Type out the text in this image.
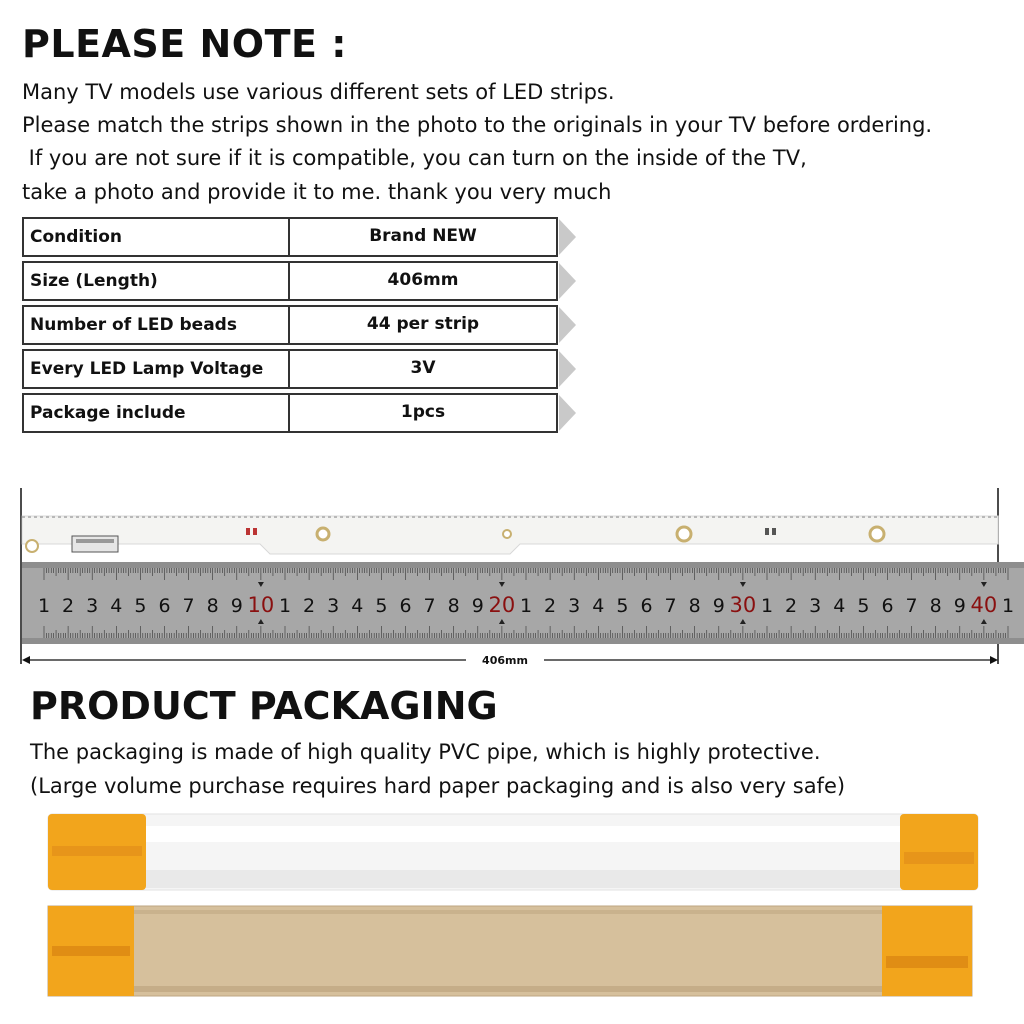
PLEASE NOTE :
Many TV models use various different sets of LED strips.
Please match the strips shown in the photo to the originals in your TV before ordering.
If you are not sure if it is compatible, you can turn on the inside of the TV,
take a photo and provide it to me. thank you very much
Condition	Brand NEW
Size (Length)	406mm
Number of LED beads	44 per strip
Every LED Lamp Voltage	3V
Package include	1pcs
1 2 3 4 5 6 7 8 9 10 1 2 3 4 5 6 7 8 9 20 1 2 3 4 5 6 7 8 9 30 1 2 3 4 5 6 7 8 9 40 1
406mm
PRODUCT PACKAGING
The packaging is made of high quality PVC pipe, which is highly protective.
(Large volume purchase requires hard paper packaging and is also very safe)
